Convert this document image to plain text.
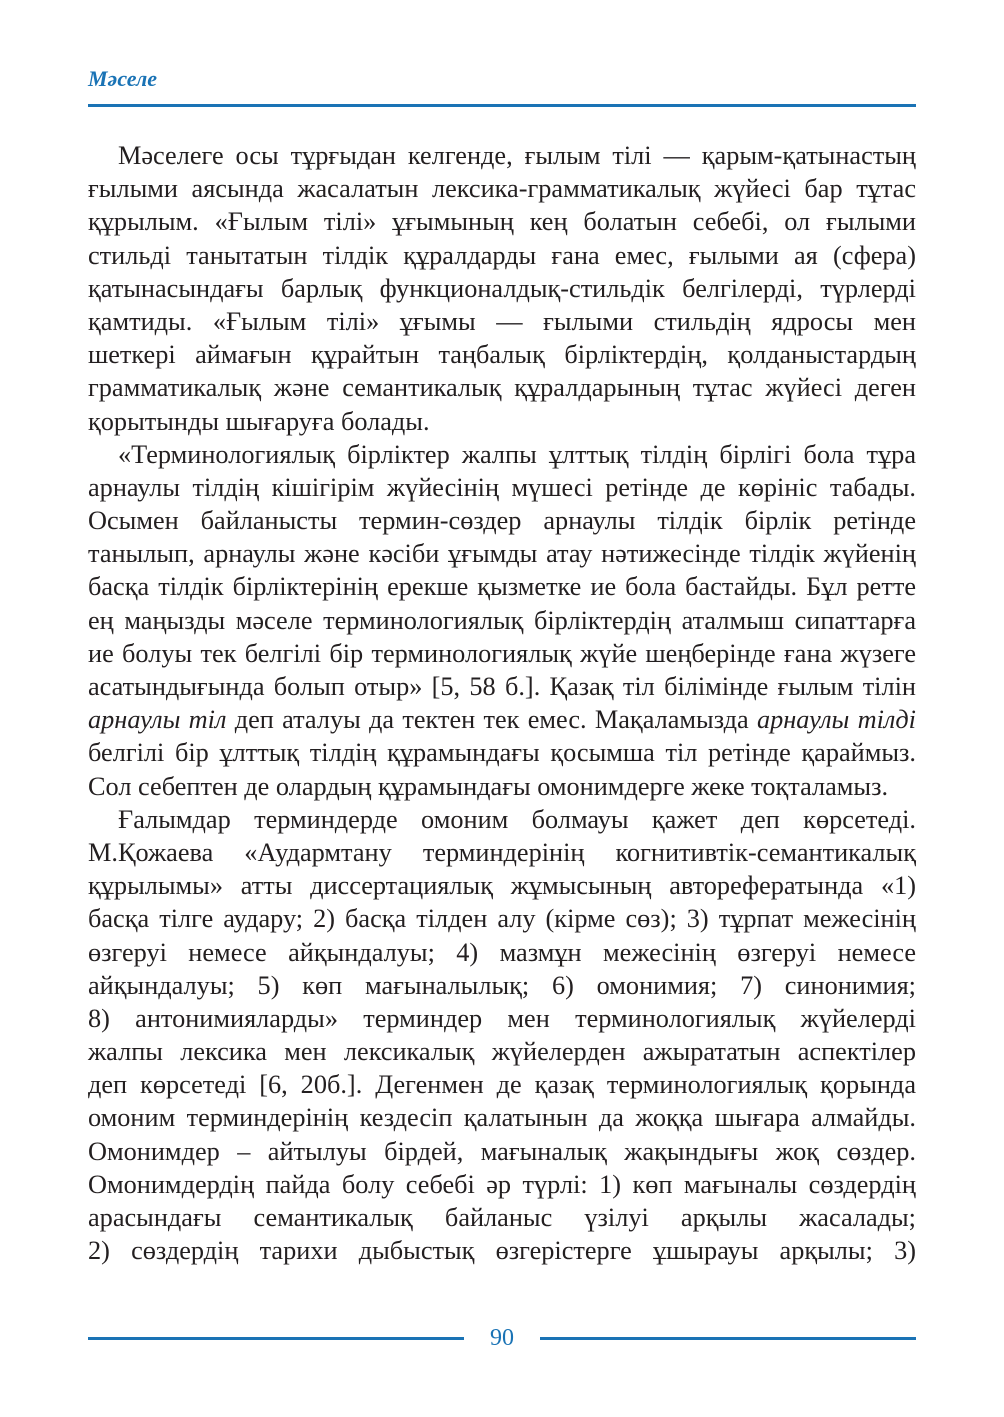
Мәселе
Мәселеге осы тұрғыдан келгенде, ғылым тілі — қарым-қатынастың
ғылыми аясында жасалатын лексика-грамматикалық жүйесі бар тұтас
құрылым. «Ғылым тілі» ұғымының кең болатын себебі, ол ғылыми
стильді танытатын тілдік құралдарды ғана емес, ғылыми ая (сфера)
қатынасындағы барлық функционалдық-стильдік белгілерді, түрлерді
қамтиды. «Ғылым тілі» ұғымы — ғылыми стильдің ядросы мен
шеткері аймағын құрайтын таңбалық бірліктердің, қолданыстардың
грамматикалық және семантикалық құралдарының тұтас жүйесі деген
қорытынды шығаруға болады.
«Терминологиялық бірліктер жалпы ұлттық тілдің бірлігі бола тұра
арнаулы тілдің кішігірім жүйесінің мүшесі ретінде де көрініс табады.
Осымен байланысты термин-сөздер арнаулы тілдік бірлік ретінде
танылып, арнаулы және кәсіби ұғымды атау нәтижесінде тілдік жүйенің
басқа тілдік бірліктерінің ерекше қызметке ие бола бастайды. Бұл ретте
ең маңызды мәселе терминологиялық бірліктердің аталмыш сипаттарға
ие болуы тек белгілі бір терминологиялық жүйе шеңберінде ғана жүзеге
асатындығында болып отыр» [5, 58 б.]. Қазақ тіл білімінде ғылым тілін
арнаулы тіл деп аталуы да тектен тек емес. Мақаламызда арнаулы тілді
белгілі бір ұлттық тілдің құрамындағы қосымша тіл ретінде қараймыз.
Сол себептен де олардың құрамындағы омонимдерге жеке тоқталамыз.
Ғалымдар терминдерде омоним болмауы қажет деп көрсетеді.
М.Қожаева «Аудармтану терминдерінің когнитивтік-семантикалық
құрылымы» атты диссертациялық жұмысының авторефератында «1)
басқа тілге аудару; 2) басқа тілден алу (кірме сөз); 3) тұрпат межесінің
өзгеруі немесе айқындалуы; 4) мазмұн межесінің өзгеруі немесе
айқындалуы; 5) көп мағыналылық; 6) омонимия; 7) синонимия;
8) антонимияларды» терминдер мен терминологиялық жүйелерді
жалпы лексика мен лексикалық жүйелерден ажырататын аспектілер
деп көрсетеді [6, 20б.]. Дегенмен де қазақ терминологиялық қорында
омоним терминдерінің кездесіп қалатынын да жоққа шығара алмайды.
Омонимдер – айтылуы бірдей, мағыналық жақындығы жоқ сөздер.
Омонимдердің пайда болу себебі әр түрлі: 1) көп мағыналы сөздердің
арасындағы семантикалық байланыс үзілуі арқылы жасалады;
2) сөздердің тарихи дыбыстық өзгерістерге ұшырауы арқылы; 3)
90
